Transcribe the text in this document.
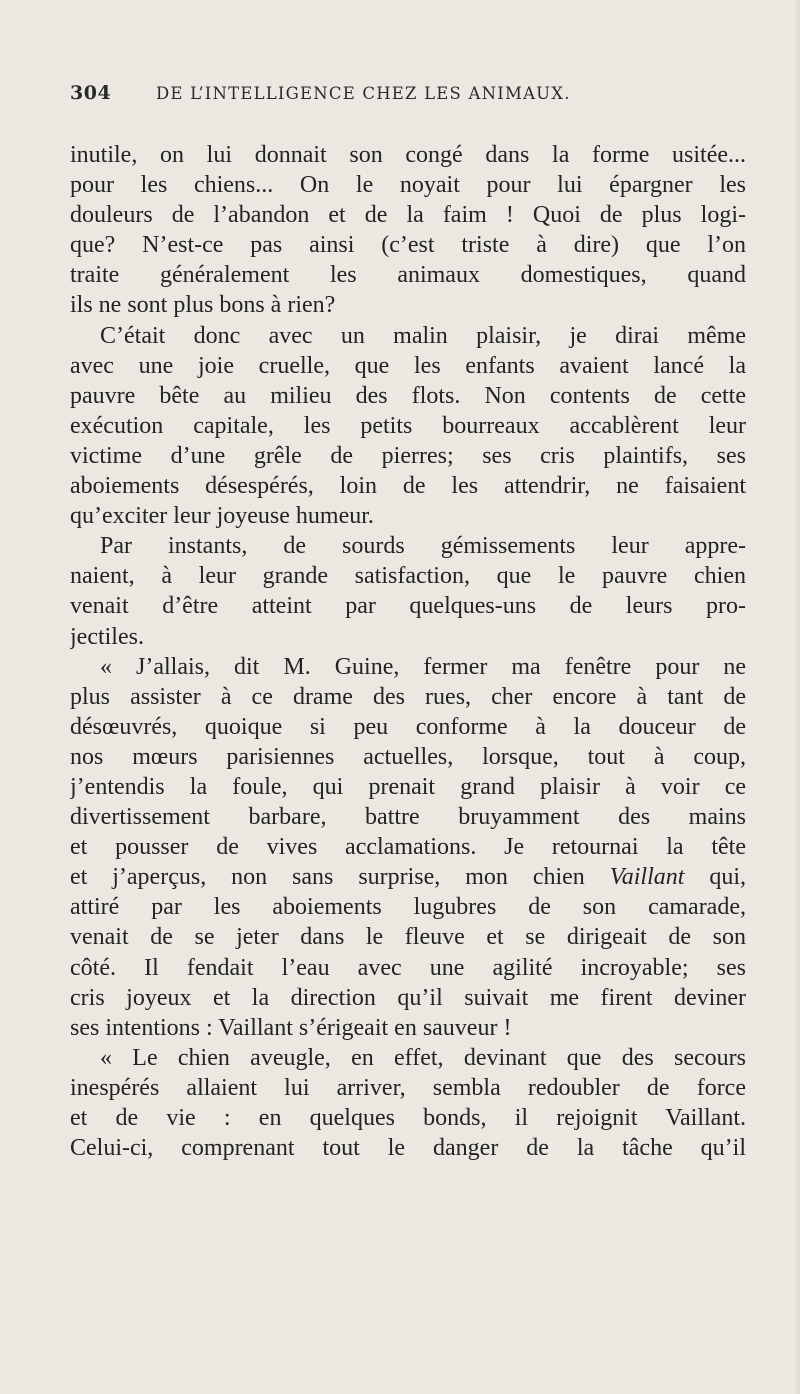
304	DE L’INTELLIGENCE CHEZ LES ANIMAUX.
inutile, on lui donnait son congé dans la forme usitée...
pour les chiens... On le noyait pour lui épargner les
douleurs de l’abandon et de la faim ! Quoi de plus logi-
que? N’est-ce pas ainsi (c’est triste à dire) que l’on
traite généralement les animaux domestiques, quand
ils ne sont plus bons à rien?
C’était donc avec un malin plaisir, je dirai même
avec une joie cruelle, que les enfants avaient lancé la
pauvre bête au milieu des flots. Non contents de cette
exécution capitale, les petits bourreaux accablèrent leur
victime d’une grêle de pierres; ses cris plaintifs, ses
aboiements désespérés, loin de les attendrir, ne faisaient
qu’exciter leur joyeuse humeur.
Par instants, de sourds gémissements leur appre-
naient, à leur grande satisfaction, que le pauvre chien
venait d’être atteint par quelques-uns de leurs pro-
jectiles.
« J’allais, dit M. Guine, fermer ma fenêtre pour ne
plus assister à ce drame des rues, cher encore à tant de
désœuvrés, quoique si peu conforme à la douceur de
nos mœurs parisiennes actuelles, lorsque, tout à coup,
j’entendis la foule, qui prenait grand plaisir à voir ce
divertissement barbare, battre bruyamment des mains
et pousser de vives acclamations. Je retournai la tête
et j’aperçus, non sans surprise, mon chien Vaillant qui,
attiré par les aboiements lugubres de son camarade,
venait de se jeter dans le fleuve et se dirigeait de son
côté. Il fendait l’eau avec une agilité incroyable; ses
cris joyeux et la direction qu’il suivait me firent deviner
ses intentions : Vaillant s’érigeait en sauveur !
« Le chien aveugle, en effet, devinant que des secours
inespérés allaient lui arriver, sembla redoubler de force
et de vie : en quelques bonds, il rejoignit Vaillant.
Celui-ci, comprenant tout le danger de la tâche qu’il
